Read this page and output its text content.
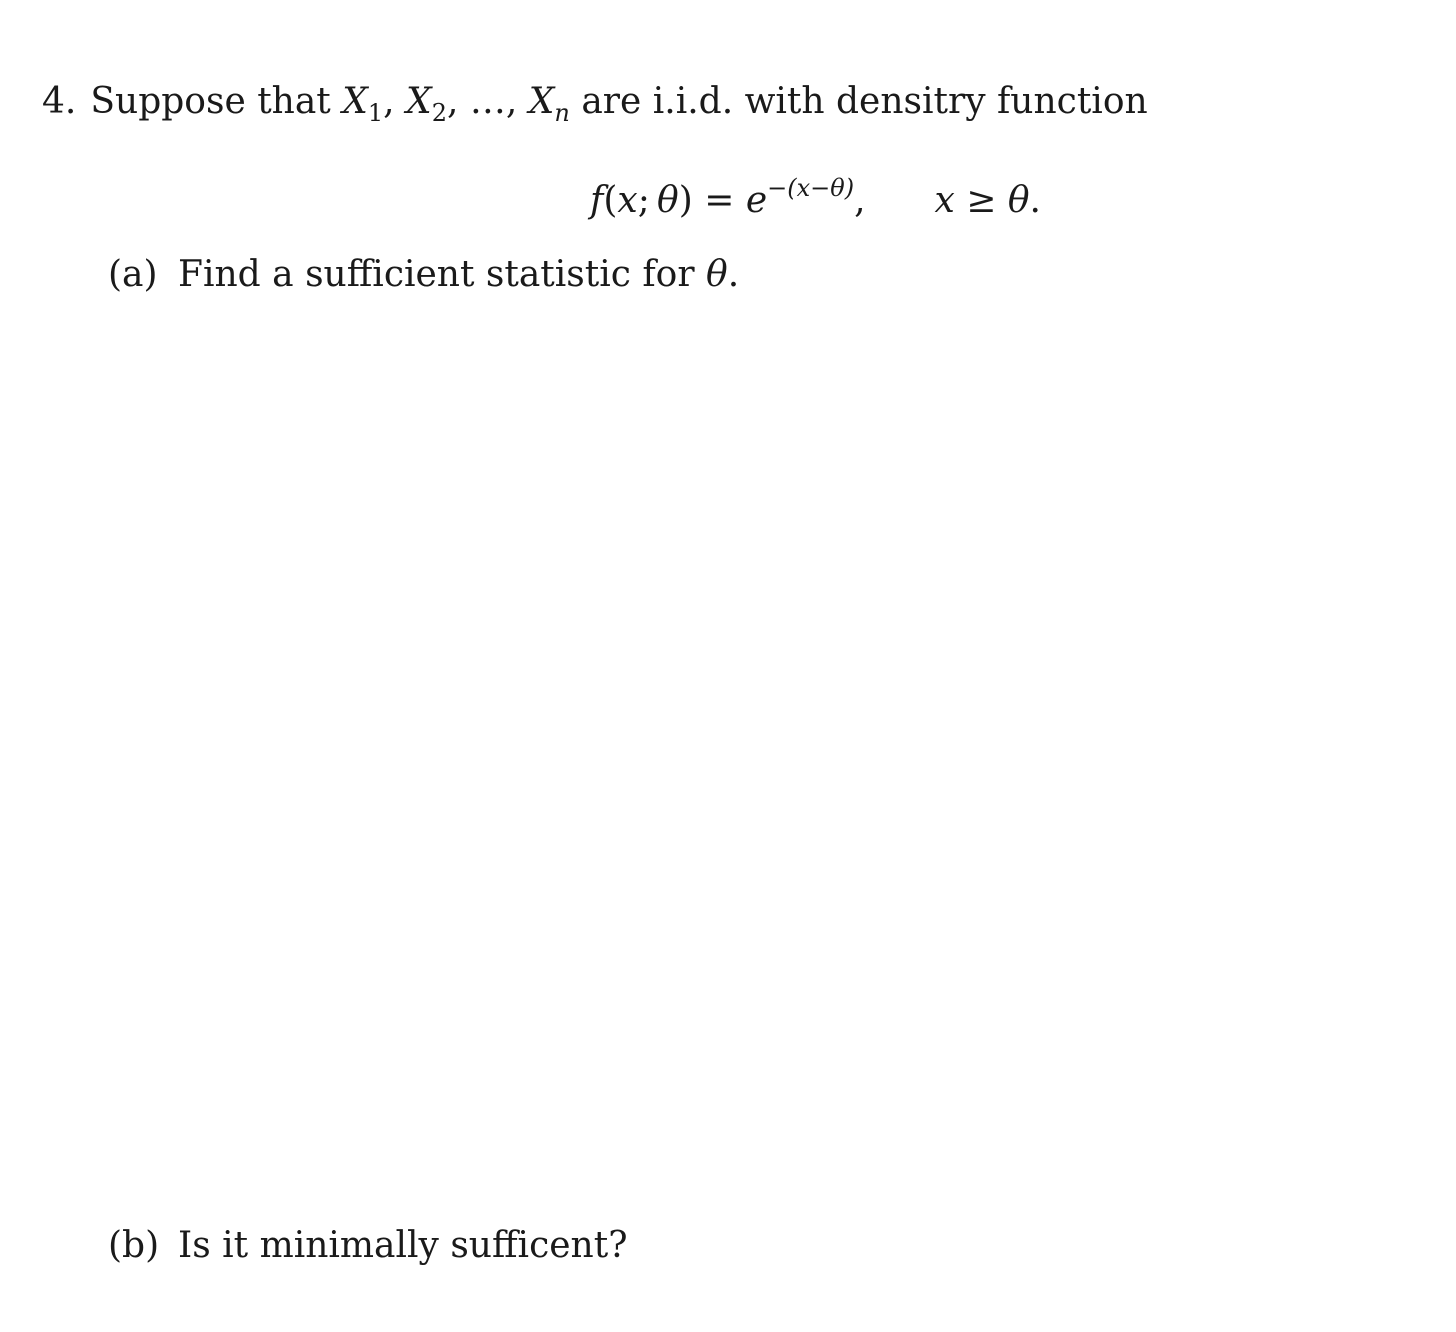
4. Suppose that $X_1$, $X_2$, …, $X_n$ are i.i.d. with densitry function
f(x;  $\theta) = e^{-(x-\theta)}$, x ≥ θ.
(a) Find a sufficient statistic for θ.
(b) Is it minimally sufficent?
